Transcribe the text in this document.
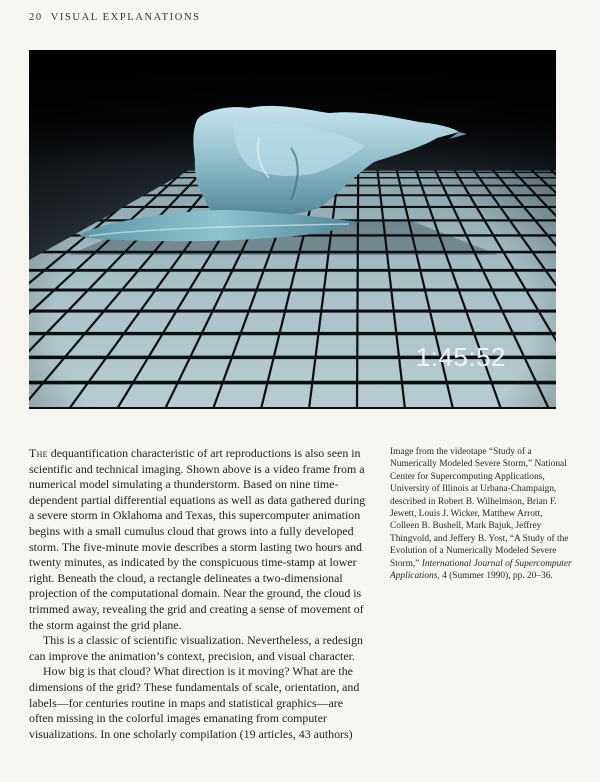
20 VISUAL EXPLANATIONS
1:45:52

The dequantification characteristic of art reproductions is also seen in scientific and technical imaging. Shown above is a video frame from a numerical model simulating a thunderstorm. Based on nine time-dependent partial differential equations as well as data gathered during a severe storm in Oklahoma and Texas, this supercomputer animation begins with a small cumulus cloud that grows into a fully developed storm. The five-minute movie describes a storm lasting two hours and twenty minutes, as indicated by the conspicuous time-stamp at lower right. Beneath the cloud, a rectangle delineates a two-dimensional projection of the computational domain. Near the ground, the cloud is trimmed away, revealing the grid and creating a sense of movement of the storm against the grid plane.

This is a classic of scientific visualization. Nevertheless, a redesign can improve the animation’s context, precision, and visual character.

How big is that cloud? What direction is it moving? What are the dimensions of the grid? These fundamentals of scale, orientation, and labels—for centuries routine in maps and statistical graphics—are often missing in the colorful images emanating from computer visualizations. In one scholarly compilation (19 articles, 43 authors)

Image from the videotape “Study of a Numerically Modeled Severe Storm,” National Center for Supercomputing Applications, University of Illinois at Urbana-Champaign, described in Robert B. Wilhelmson, Brian F. Jewett, Louis J. Wicker, Matthew Arrott, Colleen B. Bushell, Mark Bajuk, Jeffrey Thingvold, and Jeffery B. Yost, “A Study of the Evolution of a Numerically Modeled Severe Storm,” International Journal of Supercomputer Applications, 4 (Summer 1990), pp. 20–36.
